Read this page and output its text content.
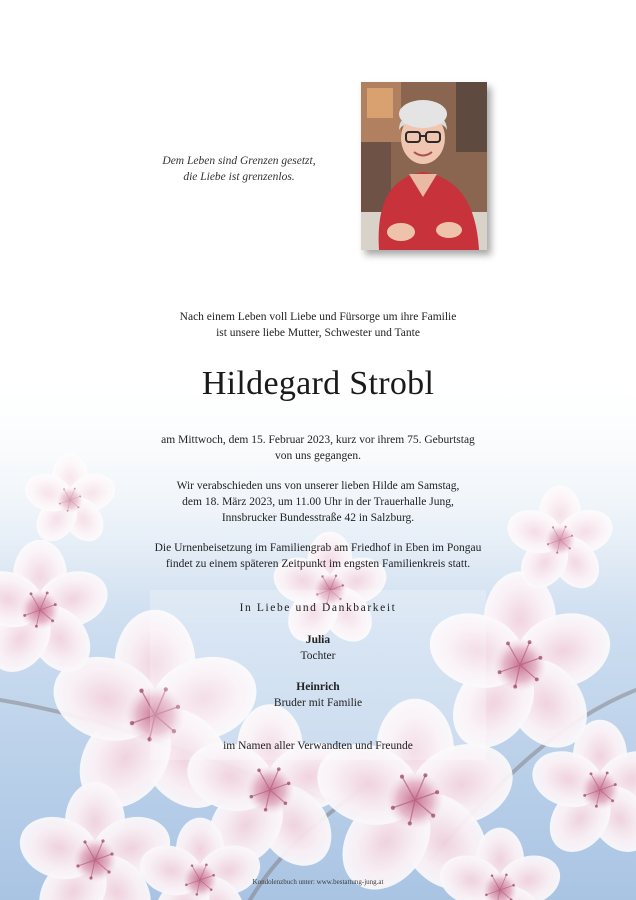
Dem Leben sind Grenzen gesetzt,
die Liebe ist grenzenlos.
Nach einem Leben voll Liebe und Fürsorge um ihre Familie
ist unsere liebe Mutter, Schwester und Tante
Hildegard Strobl
am Mittwoch, dem 15. Februar 2023, kurz vor ihrem 75. Geburtstag
von uns gegangen.
Wir verabschieden uns von unserer lieben Hilde am Samstag,
dem 18. März 2023, um 11.00 Uhr in der Trauerhalle Jung,
Innsbrucker Bundesstraße 42 in Salzburg.
Die Urnenbeisetzung im Familiengrab am Friedhof in Eben im Pongau
findet zu einem späteren Zeitpunkt im engsten Familienkreis statt.
In Liebe und Dankbarkeit
Julia
Tochter
Heinrich
Bruder mit Familie
im Namen aller Verwandten und Freunde
Kondolenzbuch unter: www.bestattung-jung.at
